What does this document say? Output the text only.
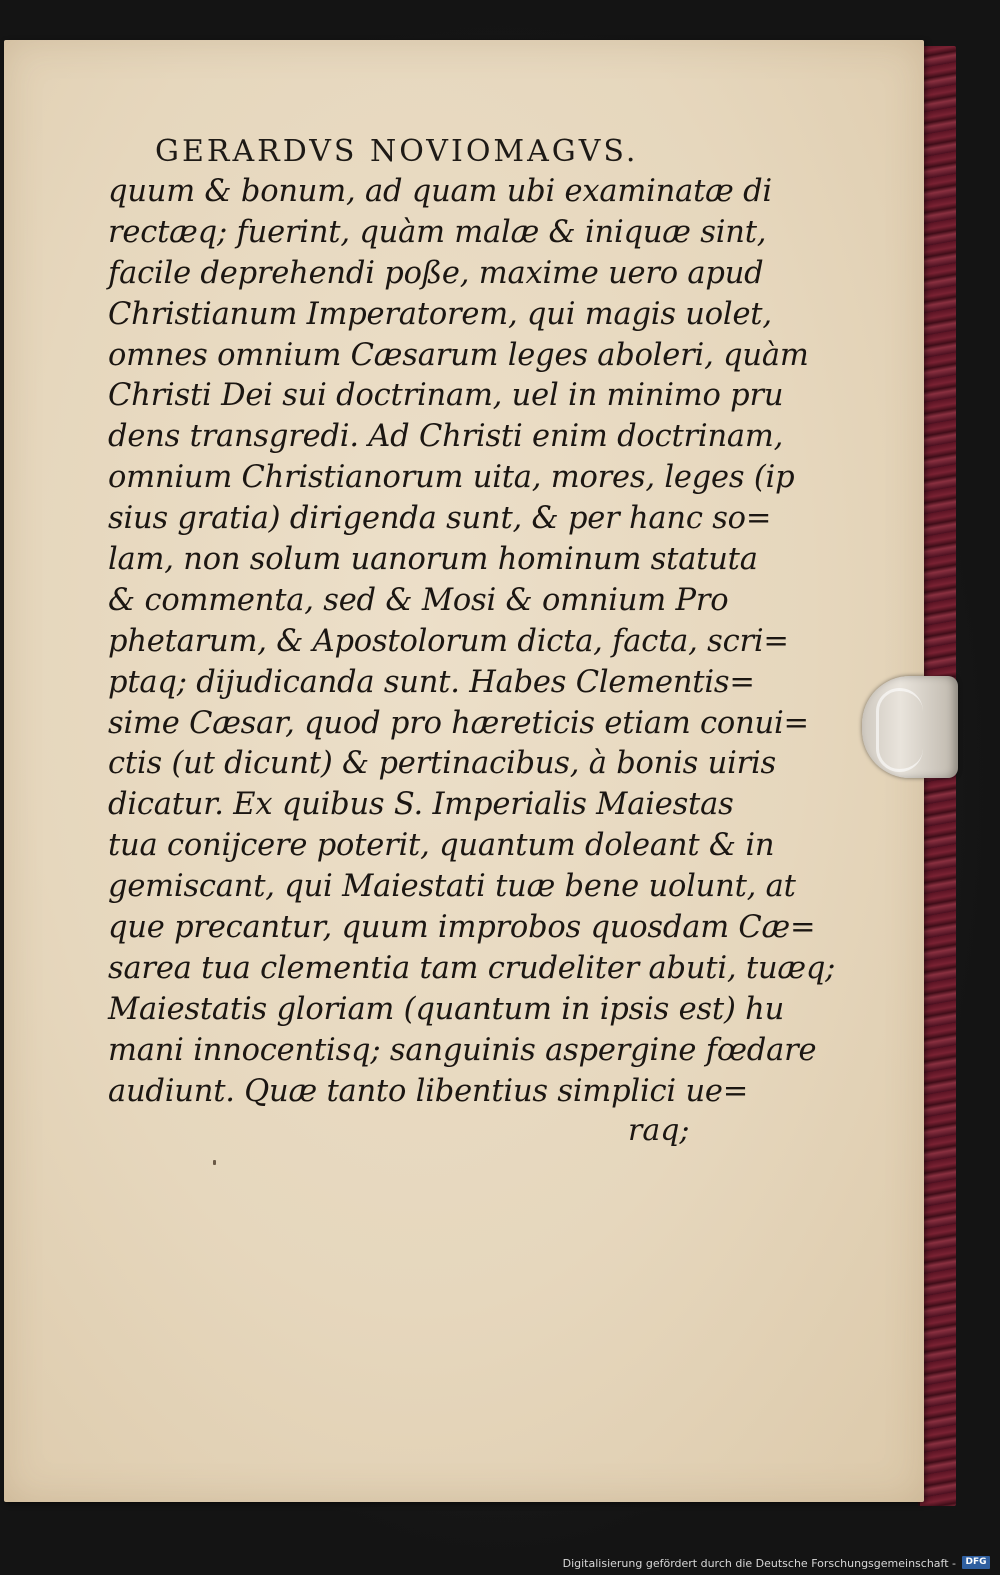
GERARDVS NOVIOMAGVS.
quum & bonum, ad quam ubi examinatæ di
rectæq; fuerint, quàm malæ & iniquæ sint,
facile deprehendi poße, maxime uero apud
Christianum Imperatorem, qui magis uolet,
omnes omnium Cæsarum leges aboleri, quàm
Christi Dei sui doctrinam, uel in minimo pru
dens transgredi. Ad Christi enim doctrinam,
omnium Christianorum uita, mores, leges (ip
sius gratia) dirigenda sunt, & per hanc so=
lam, non solum uanorum hominum statuta
& commenta, sed & Mosi & omnium Pro
phetarum, & Apostolorum dicta, facta, scri=
ptaq; dijudicanda sunt. Habes Clementis=
sime Cæsar, quod pro hæreticis etiam conui=
ctis (ut dicunt) & pertinacibus, à bonis uiris
dicatur. Ex quibus S. Imperialis Maiestas
tua conijcere poterit, quantum doleant & in
gemiscant, qui Maiestati tuæ bene uolunt, at
que precantur, quum improbos quosdam Cæ=
sarea tua clementia tam crudeliter abuti, tuæq;
Maiestatis gloriam (quantum in ipsis est) hu
mani innocentisq; sanguinis aspergine fœdare
audiunt. Quæ tanto libentius simplici ue=
raq;
Digitalisierung gefördert durch die Deutsche Forschungsgemeinschaft -	DFG
